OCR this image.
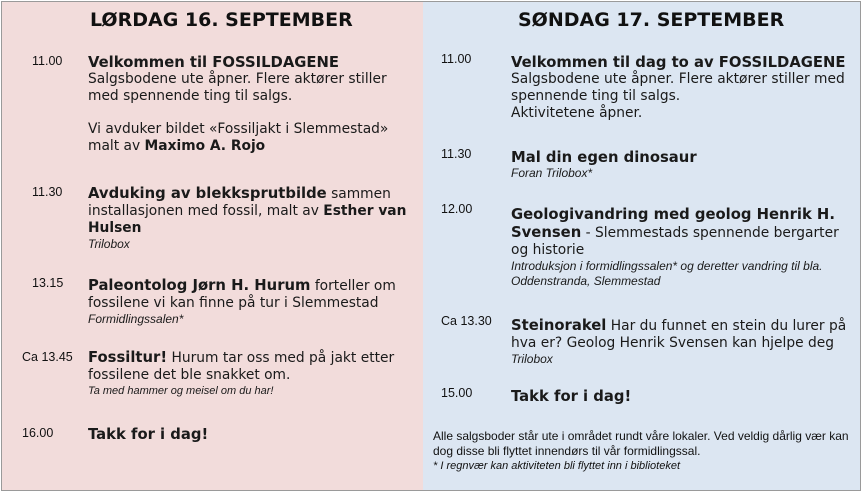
LØRDAG 16. SEPTEMBER
11.00 Velkommen til FOSSILDAGENE
Salgsbodene ute åpner. Flere aktører stiller med spennende ting til salgs.
Vi avduker bildet «Fossiljakt i Slemmestad» malt av Maximo A. Rojo
11.30 Avduking av blekksprutbilde sammen installasjonen med fossil, malt av Esther van Hulsen
Trilobox
13.15 Paleontolog Jørn H. Hurum forteller om fossilene vi kan finne på tur i Slemmestad
Formidlingssalen*
Ca 13.45 Fossiltur! Hurum tar oss med på jakt etter fossilene det ble snakket om.
Ta med hammer og meisel om du har!
16.00 Takk for i dag!
SØNDAG 17. SEPTEMBER
11.00	Velkommen til dag to av FOSSILDAGENE
Salgsbodene ute åpner. Flere aktører stiller med spennende ting til salgs.
Aktivitetene åpner.
11.30	Mal din egen dinosaur
Foran Trilobox*
12.00	Geologivandring med geolog Henrik H. Svensen - Slemmestads spennende bergarter og historie
Introduksjon i formidlingssalen* og deretter vandring til bla. Oddenstranda, Slemmestad
Ca 13.30 Steinorakel Har du funnet en stein du lurer på hva er? Geolog Henrik Svensen kan hjelpe deg
Trilobox
15.00	Takk for i dag!
Alle salgsboder står ute i området rundt våre lokaler. Ved veldig dårlig vær kan dog disse bli flyttet innendørs til vår formidlingssal.
* I regnvær kan aktiviteten bli flyttet inn i biblioteket
